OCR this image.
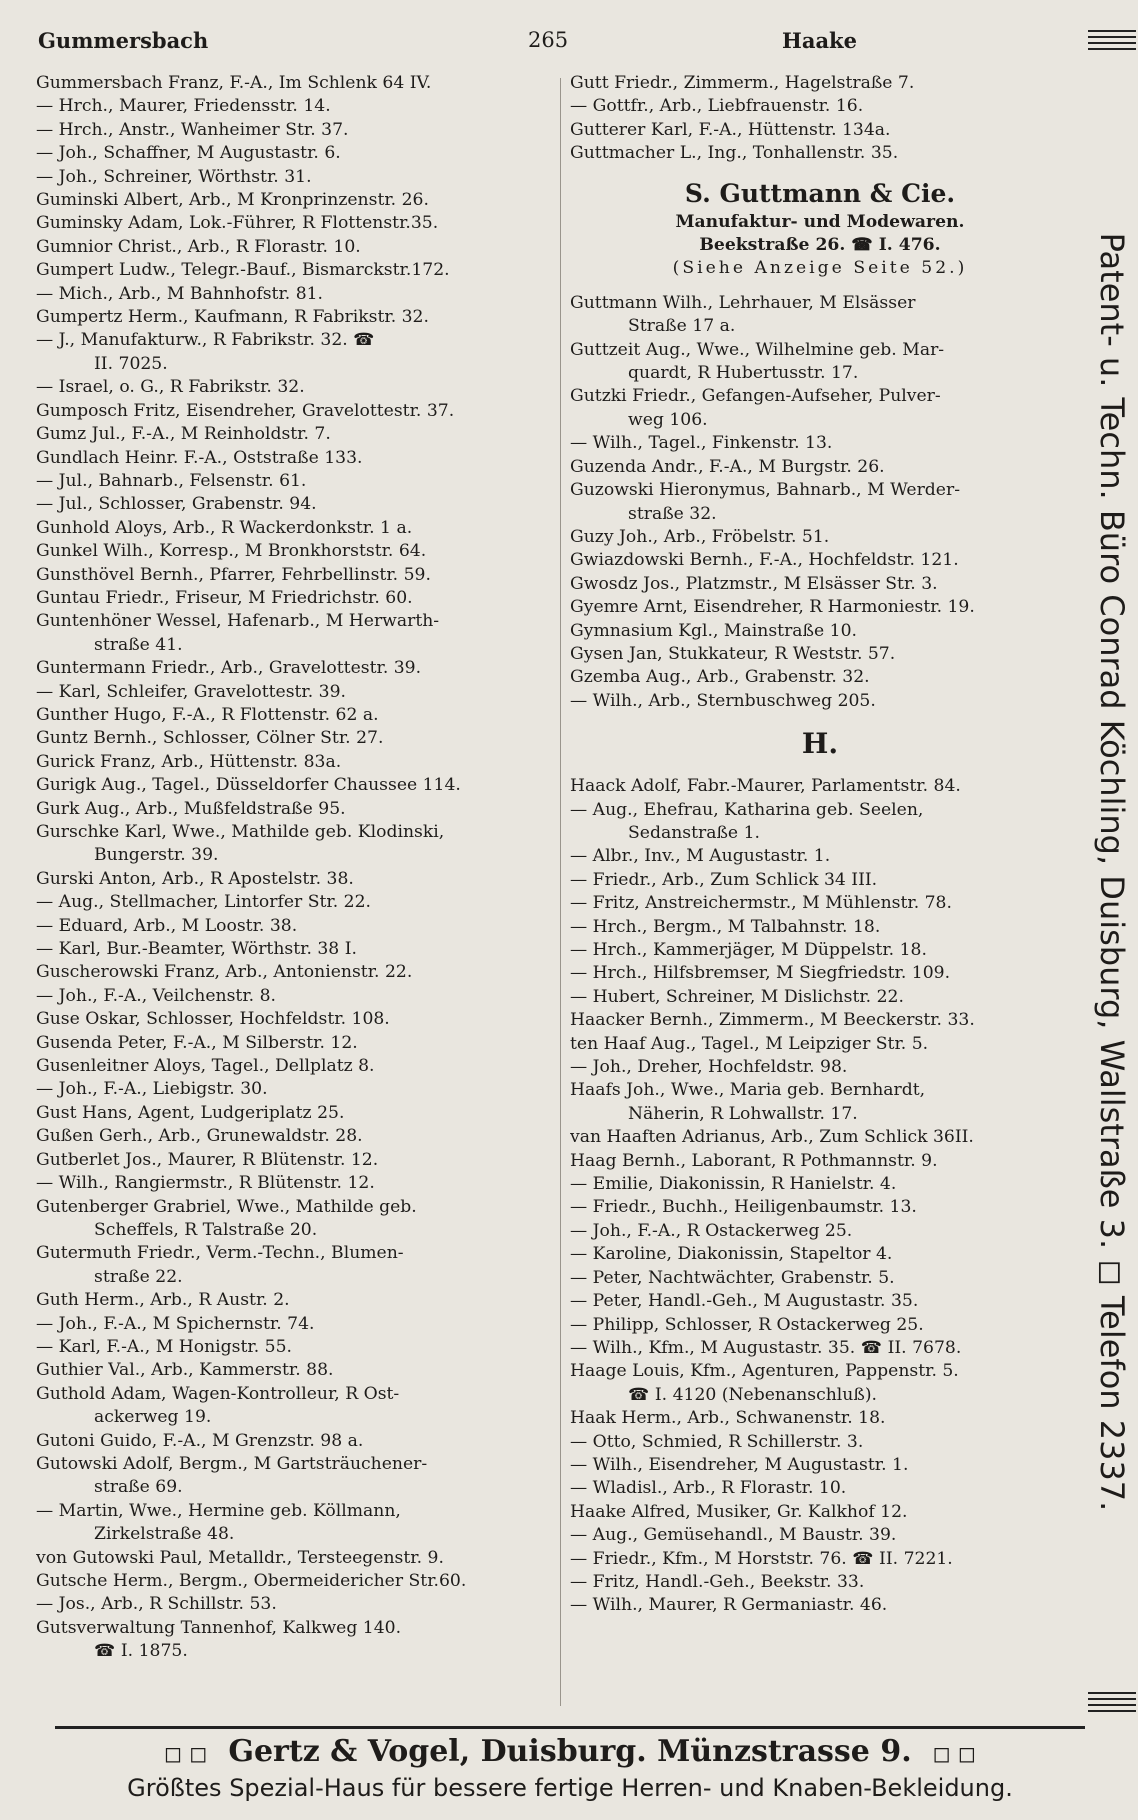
Gummersbach	265	Haake
Gummersbach Franz, F.-A., Im Schlenk 64 IV.
— Hrch., Maurer, Friedensstr. 14.
— Hrch., Anstr., Wanheimer Str. 37.
— Joh., Schaffner, M Augustastr. 6.
— Joh., Schreiner, Wörthstr. 31.
Guminski Albert, Arb., M Kronprinzenstr. 26.
Guminsky Adam, Lok.-Führer, R Flottenstr.35.
Gumnior Christ., Arb., R Florastr. 10.
Gumpert Ludw., Telegr.-Bauf., Bismarckstr.172.
— Mich., Arb., M Bahnhofstr. 81.
Gumpertz Herm., Kaufmann, R Fabrikstr. 32.
— J., Manufakturw., R Fabrikstr. 32. ☎
II. 7025.
— Israel, o. G., R Fabrikstr. 32.
Gumposch Fritz, Eisendreher, Gravelottestr. 37.
Gumz Jul., F.-A., M Reinholdstr. 7.
Gundlach Heinr. F.-A., Oststraße 133.
— Jul., Bahnarb., Felsenstr. 61.
— Jul., Schlosser, Grabenstr. 94.
Gunhold Aloys, Arb., R Wackerdonkstr. 1 a.
Gunkel Wilh., Korresp., M Bronkhorststr. 64.
Gunsthövel Bernh., Pfarrer, Fehrbellinstr. 59.
Guntau Friedr., Friseur, M Friedrichstr. 60.
Guntenhöner Wessel, Hafenarb., M Herwarth-
straße 41.
Guntermann Friedr., Arb., Gravelottestr. 39.
— Karl, Schleifer, Gravelottestr. 39.
Gunther Hugo, F.-A., R Flottenstr. 62 a.
Guntz Bernh., Schlosser, Cölner Str. 27.
Gurick Franz, Arb., Hüttenstr. 83a.
Gurigk Aug., Tagel., Düsseldorfer Chaussee 114.
Gurk Aug., Arb., Mußfeldstraße 95.
Gurschke Karl, Wwe., Mathilde geb. Klodinski,
Bungerstr. 39.
Gurski Anton, Arb., R Apostelstr. 38.
— Aug., Stellmacher, Lintorfer Str. 22.
— Eduard, Arb., M Loostr. 38.
— Karl, Bur.-Beamter, Wörthstr. 38 I.
Guscherowski Franz, Arb., Antonienstr. 22.
— Joh., F.-A., Veilchenstr. 8.
Guse Oskar, Schlosser, Hochfeldstr. 108.
Gusenda Peter, F.-A., M Silberstr. 12.
Gusenleitner Aloys, Tagel., Dellplatz 8.
— Joh., F.-A., Liebigstr. 30.
Gust Hans, Agent, Ludgeriplatz 25.
Gußen Gerh., Arb., Grunewaldstr. 28.
Gutberlet Jos., Maurer, R Blütenstr. 12.
— Wilh., Rangiermstr., R Blütenstr. 12.
Gutenberger Grabriel, Wwe., Mathilde geb.
Scheffels, R Talstraße 20.
Gutermuth Friedr., Verm.-Techn., Blumen-
straße 22.
Guth Herm., Arb., R Austr. 2.
— Joh., F.-A., M Spichernstr. 74.
— Karl, F.-A., M Honigstr. 55.
Guthier Val., Arb., Kammerstr. 88.
Guthold Adam, Wagen-Kontrolleur, R Ost-
ackerweg 19.
Gutoni Guido, F.-A., M Grenzstr. 98 a.
Gutowski Adolf, Bergm., M Gartsträuchener-
straße 69.
— Martin, Wwe., Hermine geb. Köllmann,
Zirkelstraße 48.
von Gutowski Paul, Metalldr., Tersteegenstr. 9.
Gutsche Herm., Bergm., Obermeidericher Str.60.
— Jos., Arb., R Schillstr. 53.
Gutsverwaltung Tannenhof, Kalkweg 140.
☎ I. 1875.
Gutt Friedr., Zimmerm., Hagelstraße 7.
— Gottfr., Arb., Liebfrauenstr. 16.
Gutterer Karl, F.-A., Hüttenstr. 134a.
Guttmacher L., Ing., Tonhallenstr. 35.
S. Guttmann & Cie.
Manufaktur- und Modewaren.
Beekstraße 26. ☎ I. 476.
(Siehe Anzeige Seite 52.)
Guttmann Wilh., Lehrhauer, M Elsässer
Straße 17 a.
Guttzeit Aug., Wwe., Wilhelmine geb. Mar-
quardt, R Hubertusstr. 17.
Gutzki Friedr., Gefangen-Aufseher, Pulver-
weg 106.
— Wilh., Tagel., Finkenstr. 13.
Guzenda Andr., F.-A., M Burgstr. 26.
Guzowski Hieronymus, Bahnarb., M Werder-
straße 32.
Guzy Joh., Arb., Fröbelstr. 51.
Gwiazdowski Bernh., F.-A., Hochfeldstr. 121.
Gwosdz Jos., Platzmstr., M Elsässer Str. 3.
Gyemre Arnt, Eisendreher, R Harmoniestr. 19.
Gymnasium Kgl., Mainstraße 10.
Gysen Jan, Stukkateur, R Weststr. 57.
Gzemba Aug., Arb., Grabenstr. 32.
— Wilh., Arb., Sternbuschweg 205.
H.
Haack Adolf, Fabr.-Maurer, Parlamentstr. 84.
— Aug., Ehefrau, Katharina geb. Seelen,
Sedanstraße 1.
— Albr., Inv., M Augustastr. 1.
— Friedr., Arb., Zum Schlick 34 III.
— Fritz, Anstreichermstr., M Mühlenstr. 78.
— Hrch., Bergm., M Talbahnstr. 18.
— Hrch., Kammerjäger, M Düppelstr. 18.
— Hrch., Hilfsbremser, M Siegfriedstr. 109.
— Hubert, Schreiner, M Dislichstr. 22.
Haacker Bernh., Zimmerm., M Beeckerstr. 33.
ten Haaf Aug., Tagel., M Leipziger Str. 5.
— Joh., Dreher, Hochfeldstr. 98.
Haafs Joh., Wwe., Maria geb. Bernhardt,
Näherin, R Lohwallstr. 17.
van Haaften Adrianus, Arb., Zum Schlick 36II.
Haag Bernh., Laborant, R Pothmannstr. 9.
— Emilie, Diakonissin, R Hanielstr. 4.
— Friedr., Buchh., Heiligenbaumstr. 13.
— Joh., F.-A., R Ostackerweg 25.
— Karoline, Diakonissin, Stapeltor 4.
— Peter, Nachtwächter, Grabenstr. 5.
— Peter, Handl.-Geh., M Augustastr. 35.
— Philipp, Schlosser, R Ostackerweg 25.
— Wilh., Kfm., M Augustastr. 35. ☎ II. 7678.
Haage Louis, Kfm., Agenturen, Pappenstr. 5.
☎ I. 4120 (Nebenanschluß).
Haak Herm., Arb., Schwanenstr. 18.
— Otto, Schmied, R Schillerstr. 3.
— Wilh., Eisendreher, M Augustastr. 1.
— Wladisl., Arb., R Florastr. 10.
Haake Alfred, Musiker, Gr. Kalkhof 12.
— Aug., Gemüsehandl., M Baustr. 39.
— Friedr., Kfm., M Horststr. 76. ☎ II. 7221.
— Fritz, Handl.-Geh., Beekstr. 33.
— Wilh., Maurer, R Germaniastr. 46.
Patent- u. Techn. Büro Conrad Köchling, Duisburg, Wallstraße 3. ◻ Telefon 2337.
◻ ◻ Gertz & Vogel, Duisburg. Münzstrasse 9. ◻ ◻
Größtes Spezial-Haus für bessere fertige Herren- und Knaben-Bekleidung.
